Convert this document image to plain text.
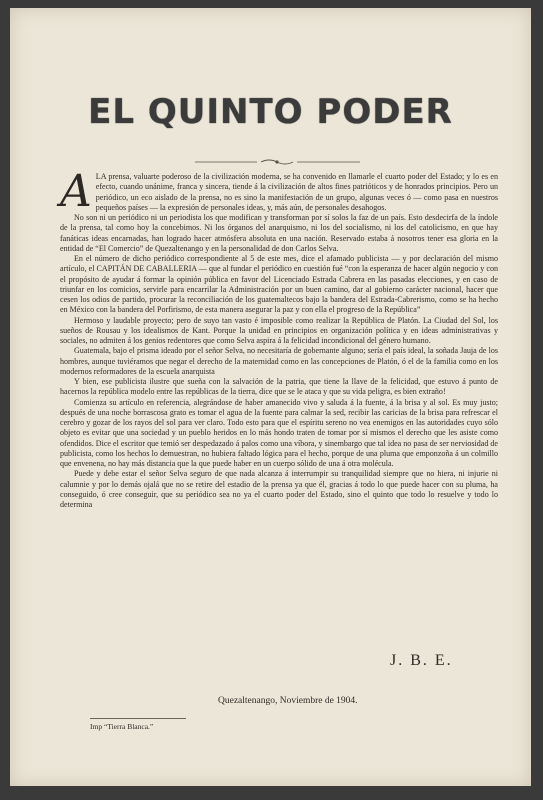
EL QUINTO PODER

ALA prensa, valuarte poderoso de la civilización moderna, se ha convenido en llamarle el cuarto poder del Estado; y lo es en efecto, cuando unánime, franca y sincera, tiende á la civilización de altos fines patrióticos y de honrados principios. Pero un periódico, un eco aislado de la prensa, no es sino la manifestación de un grupo, algunas veces ó — como pasa en nuestros pequeños países — la expresión de personales ideas, y, más aún, de personales desahogos.

No son ni un periódico ni un periodista los que modifican y transforman por sí solos la faz de un país. Esto desdecirfa de la índole de la prensa, tal como hoy la concebimos. Ni los órganos del anarquismo, ni los del socialismo, ni los del catolicismo, en que hay fanáticas ideas encarnadas, han logrado hacer atmósfera absoluta en una nación. Reservado estaba á nosotros tener esa gloria en la entidad de “El Comercio” de Quezaltenango y en la personalidad de don Carlos Selva.

En el número de dicho periódico correspondiente al 5 de este mes, dice el afamado publicista — y por declaración del mismo artículo, el CAPITÁN DE CABALLERIA — que al fundar el periódico en cuestión fué “con la esperanza de hacer algún negocio y con el propósito de ayudar á formar la opinión pública en favor del Licenciado Estrada Cabrera en las pasadas elecciones, y en caso de triunfar en los comicios, servirle para encarrilar la Administración por un buen camino, dar al gobierno carácter nacional, hacer que cesen los odios de partido, procurar la reconciliación de los guatemaltecos bajo la bandera del Estrada-Cabrerismo, como se ha hecho en México con la bandera del Porfirismo, de esta manera asegurar la paz y con ella el progreso de la República”

Hermoso y laudable proyecto; pero de suyo tan vasto é imposible como realizar la República de Platón. La Ciudad del Sol, los sueños de Rousau y los idealismos de Kant. Porque la unidad en principios en organización política y en ideas administrativas y sociales, no admiten á los genios redentores que como Selva aspira á la felicidad incondicional del género humano.

Guatemala, bajo el prisma ideado por el señor Selva, no necesitaría de gobernante alguno; sería el país ideal, la soñada Jauja de los hombres, aunque tuviéramos que negar el derecho de la maternidad como en las concepciones de Platón, ó el de la familia como en los modernos reformadores de la escuela anarquista

Y bien, ese publicista ilustre que sueña con la salvación de la patria, que tiene la llave de la felicidad, que estuvo á punto de hacernos la república modelo entre las repúblicas de la tierra, dice que se le ataca y que su vida peligra, es bien extraño!

Comienza su artículo en referencia, alegrándose de haber amanecido vivo y saluda á la fuente, á la brisa y al sol. Es muy justo; después de una noche borrascosa grato es tomar el agua de la fuente para calmar la sed, recibir las caricias de la brisa para refrescar el cerebro y gozar de los rayos del sol para ver claro. Todo esto para que el espíritu sereno no vea enemigos en las autoridades cuyo sólo objeto es evitar que una sociedad y un pueblo heridos en lo más hondo traten de tomar por sí mismos el derecho que les asiste como ofendidos. Dice el escritor que temió ser despedazado á palos como una víbora, y sinembargo que tal idea no pasa de ser nerviosidad de publicista, como los hechos lo demuestran, no hubiera faltado lógica para el hecho, porque de una pluma que emponzoña á un colmillo que envenena, no hay más distancia que la que puede haber en un cuerpo sólido de una á otra molécula.

Puede y debe estar el señor Selva seguro de que nada alcanza á interrumpir su tranquilidad siempre que no hiera, ni injurie ni calumnie y por lo demás ojalá que no se retire del estadio de la prensa ya que él, gracias á todo lo que puede hacer con su pluma, ha conseguido, ó cree conseguir, que su periódico sea no ya el cuarto poder del Estado, sino el quinto que todo lo resuelve y todo lo determina

J. B. E.
Quezaltenango, Noviembre de 1904.
Imp “Tierra Blanca.”
